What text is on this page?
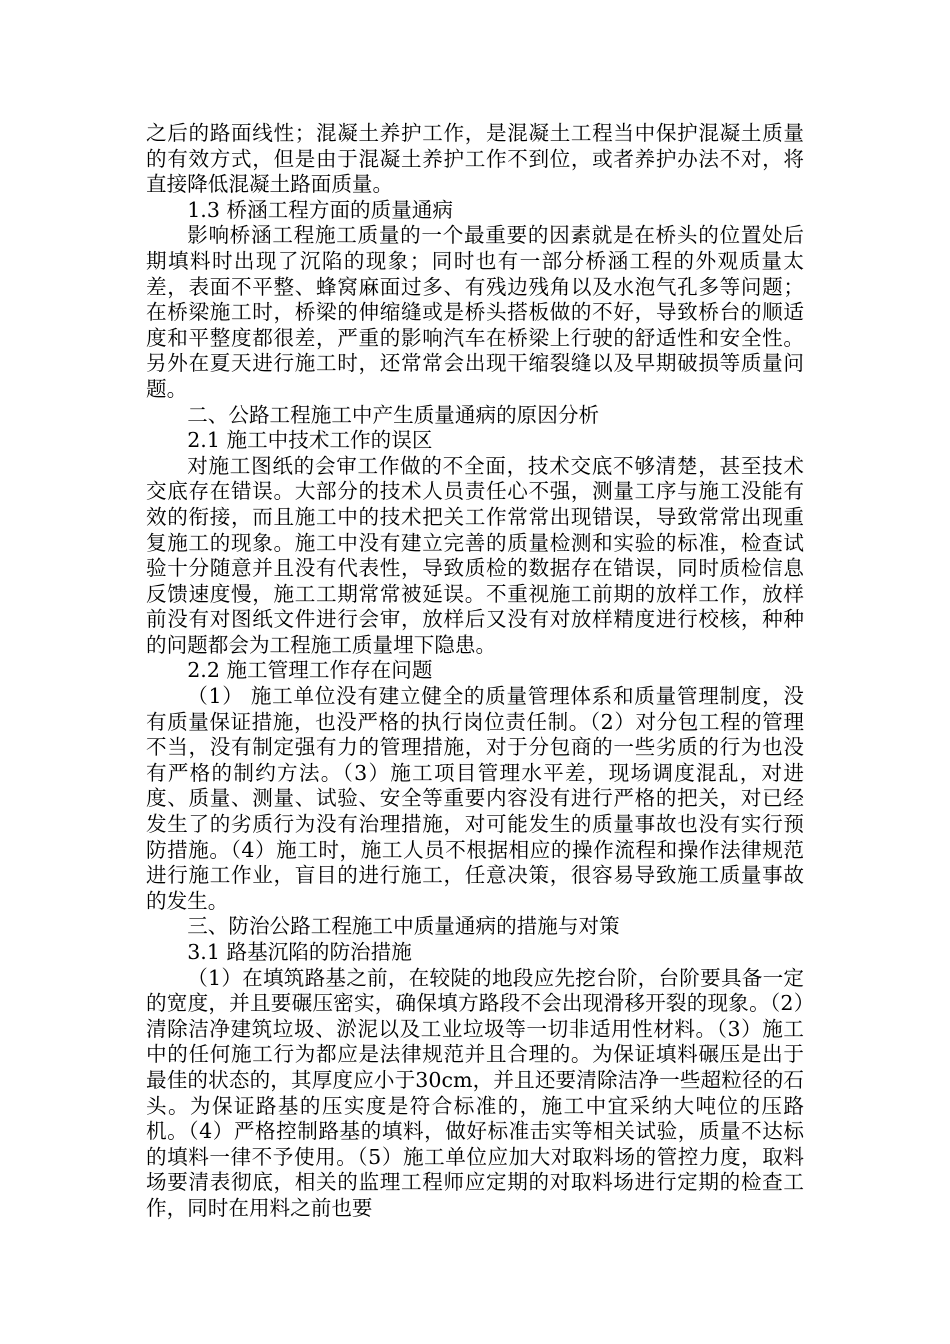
之后的路面线性；混凝土养护工作，是混凝土工程当中保护混凝土质量的有效方式，但是由于混凝土养护工作不到位，或者养护办法不对，将直接降低混凝土路面质量。

1.3 桥涵工程方面的质量通病

影响桥涵工程施工质量的一个最重要的因素就是在桥头的位置处后期填料时出现了沉陷的现象；同时也有一部分桥涵工程的外观质量太差，表面不平整、蜂窝麻面过多、有残边残角以及水泡气孔多等问题；在桥梁施工时，桥梁的伸缩缝或是桥头搭板做的不好，导致桥台的顺适度和平整度都很差，严重的影响汽车在桥梁上行驶的舒适性和安全性。另外在夏天进行施工时，还常常会出现干缩裂缝以及早期破损等质量问题。

二、公路工程施工中产生质量通病的原因分析

2.1 施工中技术工作的误区

对施工图纸的会审工作做的不全面，技术交底不够清楚，甚至技术交底存在错误。大部分的技术人员责任心不强，测量工序与施工没能有效的衔接，而且施工中的技术把关工作常常出现错误，导致常常出现重复施工的现象。施工中没有建立完善的质量检测和实验的标准，检查试验十分随意并且没有代表性，导致质检的数据存在错误，同时质检信息反馈速度慢，施工工期常常被延误。不重视施工前期的放样工作，放样前没有对图纸文件进行会审，放样后又没有对放样精度进行校核，种种的问题都会为工程施工质量埋下隐患。

2.2 施工管理工作存在问题

（1） 施工单位没有建立健全的质量管理体系和质量管理制度，没有质量保证措施，也没严格的执行岗位责任制。（2）对分包工程的管理不当，没有制定强有力的管理措施，对于分包商的一些劣质的行为也没有严格的制约方法。（3）施工项目管理水平差，现场调度混乱，对进度、质量、测量、试验、安全等重要内容没有进行严格的把关，对已经发生了的劣质行为没有治理措施，对可能发生的质量事故也没有实行预防措施。（4）施工时，施工人员不根据相应的操作流程和操作法律规范进行施工作业，盲目的进行施工，任意决策，很容易导致施工质量事故的发生。

三、防治公路工程施工中质量通病的措施与对策

3.1 路基沉陷的防治措施

（1）在填筑路基之前，在较陡的地段应先挖台阶，台阶要具备一定的宽度，并且要碾压密实，确保填方路段不会出现滑移开裂的现象。（2）清除洁净建筑垃圾、淤泥以及工业垃圾等一切非适用性材料。（3）施工中的任何施工行为都应是法律规范并且合理的。为保证填料碾压是出于最佳的状态的，其厚度应小于30cm，并且还要清除洁净一些超粒径的石头。为保证路基的压实度是符合标准的，施工中宜采纳大吨位的压路机。（4）严格控制路基的填料，做好标准击实等相关试验，质量不达标的填料一律不予使用。（5）施工单位应加大对取料场的管控力度，取料场要清表彻底，相关的监理工程师应定期的对取料场进行定期的检查工作，同时在用料之前也要
